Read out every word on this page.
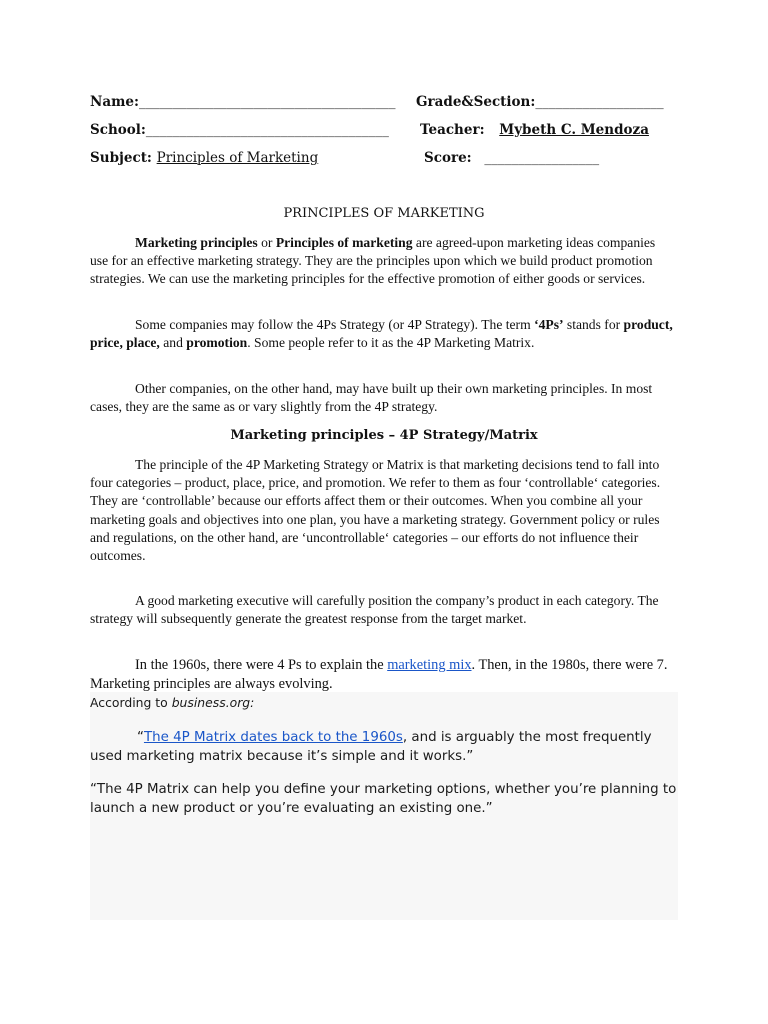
Name:______________________________________ Grade&Section:___________________
School:____________________________________ Teacher: Mybeth C. Mendoza
Subject: Principles of Marketing	Score: _________________
PRINCIPLES OF MARKETING
Marketing principles or Principles of marketing are agreed-upon marketing ideas companies use for an effective marketing strategy. They are the principles upon which we build product promotion strategies. We can use the marketing principles for the effective promotion of either goods or services.
Some companies may follow the 4Ps Strategy (or 4P Strategy). The term ‘4Ps’ stands for product, price, place, and promotion. Some people refer to it as the 4P Marketing Matrix.
Other companies, on the other hand, may have built up their own marketing principles. In most cases, they are the same as or vary slightly from the 4P strategy.
Marketing principles – 4P Strategy/Matrix
The principle of the 4P Marketing Strategy or Matrix is that marketing decisions tend to fall into four categories – product, place, price, and promotion. We refer to them as four ‘controllable‘ categories. They are ‘controllable’ because our efforts affect them or their outcomes. When you combine all your marketing goals and objectives into one plan, you have a marketing strategy. Government policy or rules and regulations, on the other hand, are ‘uncontrollable‘ categories – our efforts do not influence their outcomes.
A good marketing executive will carefully position the company’s product in each category. The strategy will subsequently generate the greatest response from the target market.
In the 1960s, there were 4 Ps to explain the marketing mix. Then, in the 1980s, there were 7. Marketing principles are always evolving.
According to business.org:
“The 4P Matrix dates back to the 1960s, and is arguably the most frequently used marketing matrix because it’s simple and it works.”
“The 4P Matrix can help you define your marketing options, whether you’re planning to launch a new product or you’re evaluating an existing one.”
